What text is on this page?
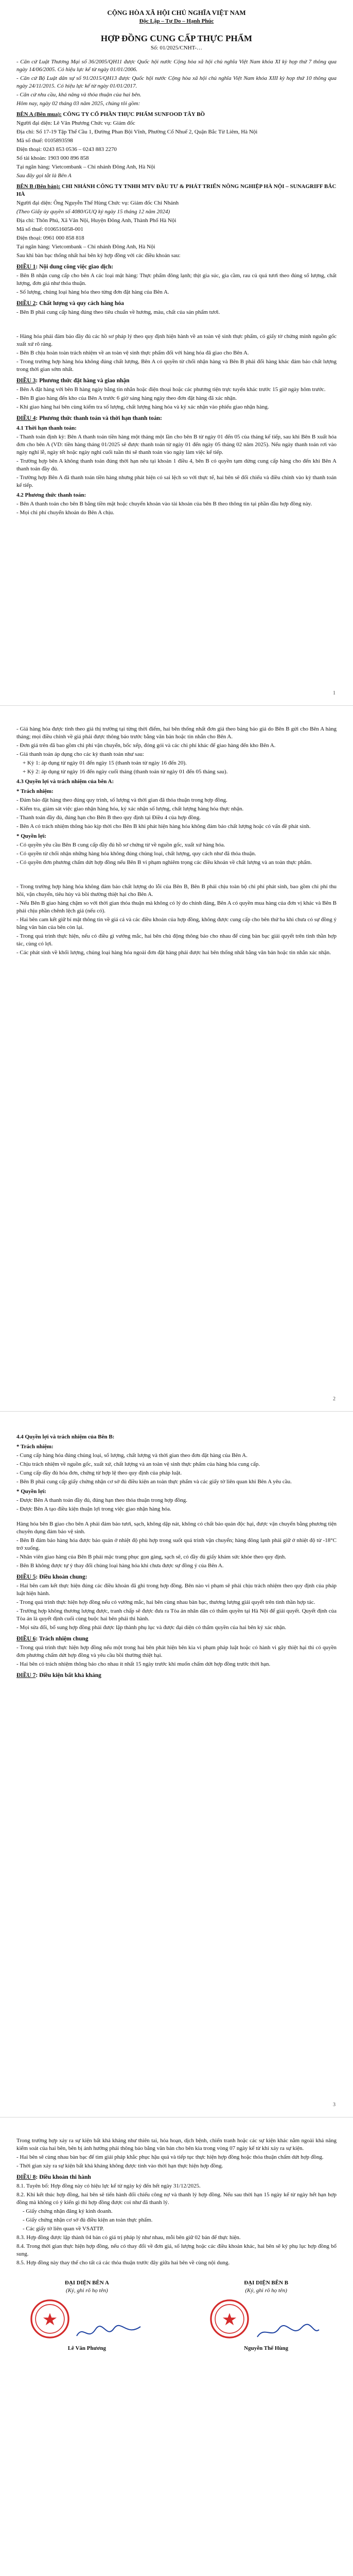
CỘNG HÒA XÃ HỘI CHỦ NGHĨA VIỆT NAM
Độc Lập – Tự Do – Hạnh Phúc
HỢP ĐỒNG CUNG CẤP THỰC PHẨM
Số: 01/2025/CNHT-…
- Căn cứ Luật Thương Mại số 36/2005/QH11 được Quốc hội nước Cộng hòa xã hội chủ nghĩa Việt Nam khóa XI kỳ họp thứ 7 thông qua ngày 14/06/2005. Có hiệu lực kể từ ngày 01/01/2006.
- Căn cứ Bộ Luật dân sự số 91/2015/QH13 được Quốc hội nước Cộng hòa xã hội chủ nghĩa Việt Nam khóa XIII kỳ họp thứ 10 thông qua ngày 24/11/2015. Có hiệu lực kể từ ngày 01/01/2017.
- Căn cứ nhu cầu, khả năng và thỏa thuận của hai bên.
Hôm nay, ngày 02 tháng 03 năm 2025, chúng tôi gồm:
BÊN A (Bên mua): CÔNG TY CỔ PHẦN THỰC PHẨM SUNFOOD TÂY BỒ
Người đại diện: Lê Văn Phương Chức vụ: Giám đốc
Địa chỉ: Số 17-19 Tập Thể Cầu 1, Đường Phan Bội Vĩnh, Phường Cổ Nhuế 2, Quận Bắc Từ Liêm, Hà Nội
Mã số thuế: 0105893598
Điện thoại: 0243 853 0536 – 0243 883 2270
Số tài khoản: 1903 000 896 858
Tại ngân hàng: Vietcombank – Chi nhánh Đông Anh, Hà Nội
Sau đây gọi tắt là Bên A
BÊN B (Bên bán): CHI NHÁNH CÔNG TY TNHH MTV ĐẦU TƯ & PHÁT TRIỂN NÔNG NGHIỆP HÀ NỘI – SUNAGRIFF BẮC HÀ
Người đại diện: Ông Nguyễn Thế Hùng Chức vụ: Giám đốc Chi Nhánh
(Theo Giấy ủy quyền số 4080/GUQ ký ngày 15 tháng 12 năm 2024)
Địa chỉ: Thôn Phú, Xã Vân Nội, Huyện Đông Anh, Thành Phố Hà Nội
Mã số thuế: 0106516058-001
Điện thoại: 0961 000 858 818
Tại ngân hàng: Vietcombank – Chi nhánh Đông Anh, Hà Nội
Sau khi bàn bạc thống nhất hai bên ký hợp đồng với các điều khoản sau:
ĐIỀU 1: Nội dung công việc giao dịch:
- Bên B nhận cung cấp cho bên A các loại mặt hàng: Thực phẩm đông lạnh; thịt gia súc, gia cầm, rau củ quả tươi theo đúng số lượng, chất lượng, đơn giá như thỏa thuận.
- Số lượng, chủng loại hàng hóa theo từng đơn đặt hàng của Bên A.
ĐIỀU 2: Chất lượng và quy cách hàng hóa
- Bên B phải cung cấp hàng đúng theo tiêu chuẩn về hương, màu, chất của sản phẩm tươi.
- Hàng hóa phải đảm bảo đầy đủ các hồ sơ pháp lý theo quy định hiện hành về an toàn vệ sinh thực phẩm, có giấy tờ chứng minh nguồn gốc xuất xứ rõ ràng.
- Bên B chịu hoàn toàn trách nhiệm về an toàn vệ sinh thực phẩm đối với hàng hóa đã giao cho Bên A.
- Trong trường hợp hàng hóa không đúng chất lượng, Bên A có quyền từ chối nhận hàng và Bên B phải đổi hàng khác đảm bảo chất lượng trong thời gian sớm nhất.
ĐIỀU 3: Phương thức đặt hàng và giao nhận
- Bên A đặt hàng với bên B hàng ngày bằng tin nhắn hoặc điện thoại hoặc các phương tiện trực tuyến khác trước 15 giờ ngày hôm trước.
- Bên B giao hàng đến kho của Bên A trước 6 giờ sáng hàng ngày theo đơn đặt hàng đã xác nhận.
- Khi giao hàng hai bên cùng kiểm tra số lượng, chất lượng hàng hóa và ký xác nhận vào phiếu giao nhận hàng.
ĐIỀU 4: Phương thức thanh toán và thời hạn thanh toán:
4.1 Thời hạn thanh toán:
- Thanh toán định kỳ: Bên A thanh toán tiền hàng một tháng một lần cho bên B từ ngày 01 đến 05 của tháng kế tiếp, sau khi Bên B xuất hóa đơn cho bên A (VD: tiền hàng tháng 01/2025 sẽ được thanh toán từ ngày 01 đến ngày 05 tháng 02 năm 2025). Nếu ngày thanh toán rơi vào ngày nghỉ lễ, ngày tết hoặc ngày nghỉ cuối tuần thì sẽ thanh toán vào ngày làm việc kế tiếp.
- Trường hợp bên A không thanh toán đúng thời hạn nêu tại khoản 1 điều 4, bên B có quyền tạm dừng cung cấp hàng cho đến khi Bên A thanh toán đầy đủ.
- Trường hợp Bên A đã thanh toán tiền hàng nhưng phát hiện có sai lệch so với thực tế, hai bên sẽ đối chiếu và điều chỉnh vào kỳ thanh toán kế tiếp.
4.2 Phương thức thanh toán:
- Bên A thanh toán cho bên B bằng tiền mặt hoặc chuyển khoản vào tài khoản của bên B theo thông tin tại phần đầu hợp đồng này.
- Mọi chi phí chuyển khoản do Bên A chịu.
1
- Giá hàng hóa được tính theo giá thị trường tại từng thời điểm, hai bên thống nhất đơn giá theo bảng báo giá do Bên B gửi cho Bên A hàng tháng; mọi điều chỉnh về giá phải được thông báo trước bằng văn bản hoặc tin nhắn cho Bên A.
- Đơn giá trên đã bao gồm chi phí vận chuyển, bốc xếp, đóng gói và các chi phí khác để giao hàng đến kho Bên A.
- Giá thanh toán áp dụng cho các kỳ thanh toán như sau:
+ Kỳ 1: áp dụng từ ngày 01 đến ngày 15 (thanh toán từ ngày 16 đến 20).
+ Kỳ 2: áp dụng từ ngày 16 đến ngày cuối tháng (thanh toán từ ngày 01 đến 05 tháng sau).
4.3 Quyền lợi và trách nhiệm của bên A:
* Trách nhiệm:
- Đảm bảo đặt hàng theo đúng quy trình, số lượng và thời gian đã thỏa thuận trong hợp đồng.
- Kiểm tra, giám sát việc giao nhận hàng hóa, ký xác nhận số lượng, chất lượng hàng hóa thực nhận.
- Thanh toán đầy đủ, đúng hạn cho Bên B theo quy định tại Điều 4 của hợp đồng.
- Bên A có trách nhiệm thông báo kịp thời cho Bên B khi phát hiện hàng hóa không đảm bảo chất lượng hoặc có vấn đề phát sinh.
* Quyền lợi:
- Có quyền yêu cầu Bên B cung cấp đầy đủ hồ sơ chứng từ về nguồn gốc, xuất xứ hàng hóa.
- Có quyền từ chối nhận những hàng hóa không đúng chủng loại, chất lượng, quy cách như đã thỏa thuận.
- Có quyền đơn phương chấm dứt hợp đồng nếu Bên B vi phạm nghiêm trọng các điều khoản về chất lượng và an toàn thực phẩm.
- Trong trường hợp hàng hóa không đảm bảo chất lượng do lỗi của Bên B, Bên B phải chịu toàn bộ chi phí phát sinh, bao gồm chi phí thu hồi, vận chuyển, tiêu hủy và bồi thường thiệt hại cho Bên A.
- Nếu Bên B giao hàng chậm so với thời gian thỏa thuận mà không có lý do chính đáng, Bên A có quyền mua hàng của đơn vị khác và Bên B phải chịu phần chênh lệch giá (nếu có).
- Hai bên cam kết giữ bí mật thông tin về giá cả và các điều khoản của hợp đồng, không được cung cấp cho bên thứ ba khi chưa có sự đồng ý bằng văn bản của bên còn lại.
- Trong quá trình thực hiện, nếu có điều gì vướng mắc, hai bên chủ động thông báo cho nhau để cùng bàn bạc giải quyết trên tinh thần hợp tác, cùng có lợi.
- Các phát sinh về khối lượng, chủng loại hàng hóa ngoài đơn đặt hàng phải được hai bên thống nhất bằng văn bản hoặc tin nhắn xác nhận.
2
4.4 Quyền lợi và trách nhiệm của Bên B:
* Trách nhiệm:
- Cung cấp hàng hóa đúng chủng loại, số lượng, chất lượng và thời gian theo đơn đặt hàng của Bên A.
- Chịu trách nhiệm về nguồn gốc, xuất xứ, chất lượng và an toàn vệ sinh thực phẩm của hàng hóa cung cấp.
- Cung cấp đầy đủ hóa đơn, chứng từ hợp lệ theo quy định của pháp luật.
- Bên B phải cung cấp giấy chứng nhận cơ sở đủ điều kiện an toàn thực phẩm và các giấy tờ liên quan khi Bên A yêu cầu.
* Quyền lợi:
- Được Bên A thanh toán đầy đủ, đúng hạn theo thỏa thuận trong hợp đồng.
- Được Bên A tạo điều kiện thuận lợi trong việc giao nhận hàng hóa.
Hàng hóa bên B giao cho bên A phải đảm bảo tươi, sạch, không dập nát, không có chất bảo quản độc hại, được vận chuyển bằng phương tiện chuyên dụng đảm bảo vệ sinh.
- Bên B đảm bảo hàng hóa được bảo quản ở nhiệt độ phù hợp trong suốt quá trình vận chuyển; hàng đông lạnh phải giữ ở nhiệt độ từ -18°C trở xuống.
- Nhân viên giao hàng của Bên B phải mặc trang phục gọn gàng, sạch sẽ, có đầy đủ giấy khám sức khỏe theo quy định.
- Bên B không được tự ý thay đổi chủng loại hàng hóa khi chưa được sự đồng ý của Bên A.
ĐIỀU 5: Điều khoản chung:
- Hai bên cam kết thực hiện đúng các điều khoản đã ghi trong hợp đồng. Bên nào vi phạm sẽ phải chịu trách nhiệm theo quy định của pháp luật hiện hành.
- Trong quá trình thực hiện hợp đồng nếu có vướng mắc, hai bên cùng nhau bàn bạc, thương lượng giải quyết trên tinh thần hợp tác.
- Trường hợp không thương lượng được, tranh chấp sẽ được đưa ra Tòa án nhân dân có thẩm quyền tại Hà Nội để giải quyết. Quyết định của Tòa án là quyết định cuối cùng buộc hai bên phải thi hành.
- Mọi sửa đổi, bổ sung hợp đồng phải được lập thành phụ lục và được đại diện có thẩm quyền của hai bên ký xác nhận.
ĐIỀU 6: Trách nhiệm chung
- Trong quá trình thực hiện hợp đồng nếu một trong hai bên phát hiện bên kia vi phạm pháp luật hoặc có hành vi gây thiệt hại thì có quyền đơn phương chấm dứt hợp đồng và yêu cầu bồi thường thiệt hại.
- Hai bên có trách nhiệm thông báo cho nhau ít nhất 15 ngày trước khi muốn chấm dứt hợp đồng trước thời hạn.
ĐIỀU 7: Điều kiện bất khả kháng
3
Trong trường hợp xảy ra sự kiện bất khả kháng như thiên tai, hỏa hoạn, dịch bệnh, chiến tranh hoặc các sự kiện khác nằm ngoài khả năng kiểm soát của hai bên, bên bị ảnh hưởng phải thông báo bằng văn bản cho bên kia trong vòng 07 ngày kể từ khi xảy ra sự kiện.
- Hai bên sẽ cùng nhau bàn bạc để tìm giải pháp khắc phục hậu quả và tiếp tục thực hiện hợp đồng hoặc thỏa thuận chấm dứt hợp đồng.
- Thời gian xảy ra sự kiện bất khả kháng không được tính vào thời hạn thực hiện hợp đồng.
ĐIỀU 8: Điều khoản thi hành
8.1. Tuyên bố: Hợp đồng này có hiệu lực kể từ ngày ký đến hết ngày 31/12/2025.
8.2. Khi kết thúc hợp đồng, hai bên sẽ tiến hành đối chiếu công nợ và thanh lý hợp đồng. Nếu sau thời hạn 15 ngày kể từ ngày hết hạn hợp đồng mà không có ý kiến gì thì hợp đồng được coi như đã thanh lý.
- Giấy chứng nhận đăng ký kinh doanh.
- Giấy chứng nhận cơ sở đủ điều kiện an toàn thực phẩm.
- Các giấy tờ liên quan về VSATTP.
8.3. Hợp đồng được lập thành 04 bản có giá trị pháp lý như nhau, mỗi bên giữ 02 bản để thực hiện.
8.4. Trong thời gian thực hiện hợp đồng, nếu có thay đổi về đơn giá, số lượng hoặc các điều khoản khác, hai bên sẽ ký phụ lục hợp đồng bổ sung.
8.5. Hợp đồng này thay thế cho tất cả các thỏa thuận trước đây giữa hai bên về cùng nội dung.
ĐẠI DIỆN BÊN A
(Ký, ghi rõ họ tên)

Lê Văn Phương
ĐẠI DIỆN BÊN B
(Ký, ghi rõ họ tên)

Nguyễn Thế Hùng
